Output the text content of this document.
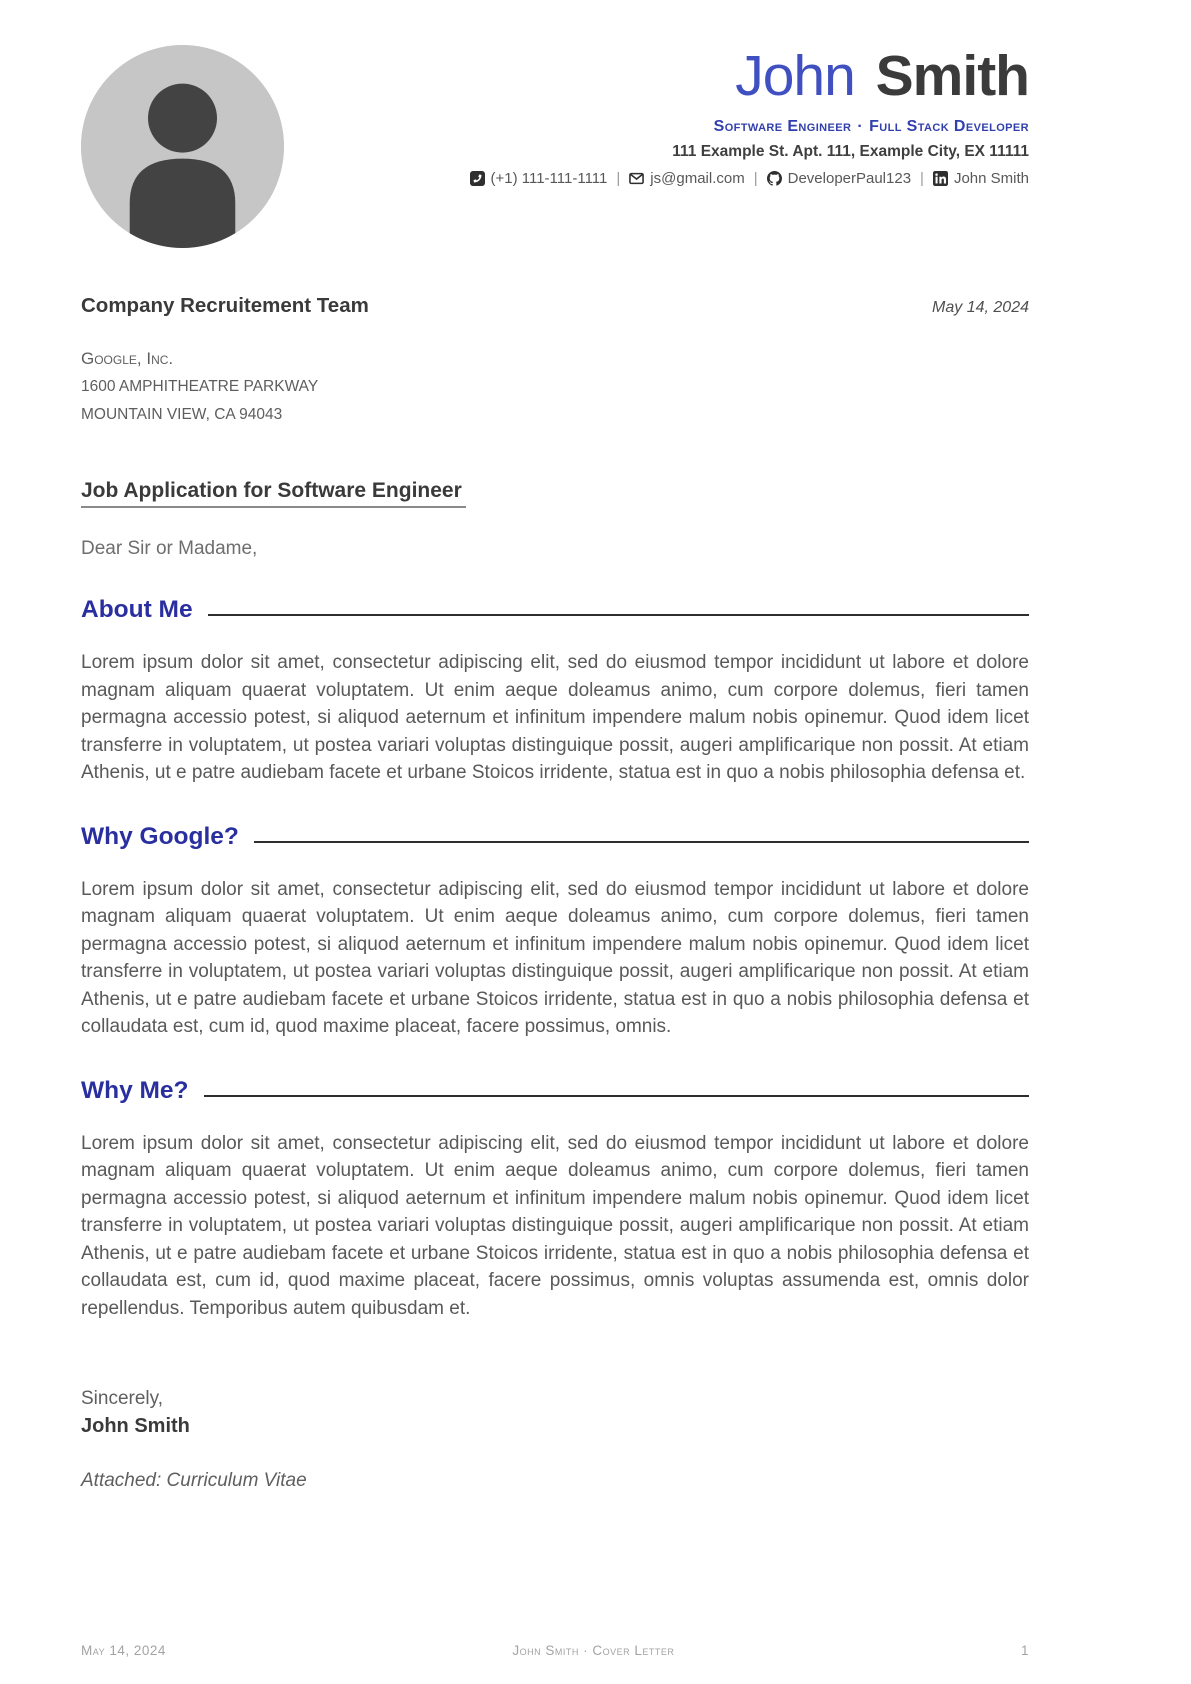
John Smith
Software Engineer · Full Stack Developer
111 Example St. Apt. 111, Example City, EX 11111
(+1) 111-111-1111 | js@gmail.com | DeveloperPaul123 | John Smith
Company Recruitement Team	May 14, 2024
Google, Inc.
1600 AMPHITHEATRE PARKWAY
MOUNTAIN VIEW, CA 94043
Job Application for Software Engineer
Dear Sir or Madame,
About Me

Lorem ipsum dolor sit amet, consectetur adipiscing elit, sed do eiusmod tempor incididunt ut labore et dolore magnam aliquam quaerat voluptatem. Ut enim aeque doleamus animo, cum corpore dolemus, fieri tamen permagna accessio potest, si aliquod aeternum et infinitum impendere malum nobis opinemur. Quod idem licet transferre in voluptatem, ut postea variari voluptas distinguique possit, augeri amplificarique non possit. At etiam Athenis, ut e patre audiebam facete et urbane Stoicos irridente, statua est in quo a nobis philosophia defensa et.

Why Google?

Lorem ipsum dolor sit amet, consectetur adipiscing elit, sed do eiusmod tempor incididunt ut labore et dolore magnam aliquam quaerat voluptatem. Ut enim aeque doleamus animo, cum corpore dolemus, fieri tamen permagna accessio potest, si aliquod aeternum et infinitum impendere malum nobis opinemur. Quod idem licet transferre in voluptatem, ut postea variari voluptas distinguique possit, augeri amplificarique non possit. At etiam Athenis, ut e patre audiebam facete et urbane Stoicos irridente, statua est in quo a nobis philosophia defensa et collaudata est, cum id, quod maxime placeat, facere possimus, omnis.

Why Me?

Lorem ipsum dolor sit amet, consectetur adipiscing elit, sed do eiusmod tempor incididunt ut labore et dolore magnam aliquam quaerat voluptatem. Ut enim aeque doleamus animo, cum corpore dolemus, fieri tamen permagna accessio potest, si aliquod aeternum et infinitum impendere malum nobis opinemur. Quod idem licet transferre in voluptatem, ut postea variari voluptas distinguique possit, augeri amplificarique non possit. At etiam Athenis, ut e patre audiebam facete et urbane Stoicos irridente, statua est in quo a nobis philosophia defensa et collaudata est, cum id, quod maxime placeat, facere possimus, omnis voluptas assumenda est, omnis dolor repellendus. Temporibus autem quibusdam et.

Sincerely,
John Smith
Attached: Curriculum Vitae
May 14, 2024	John Smith · Cover Letter	1
